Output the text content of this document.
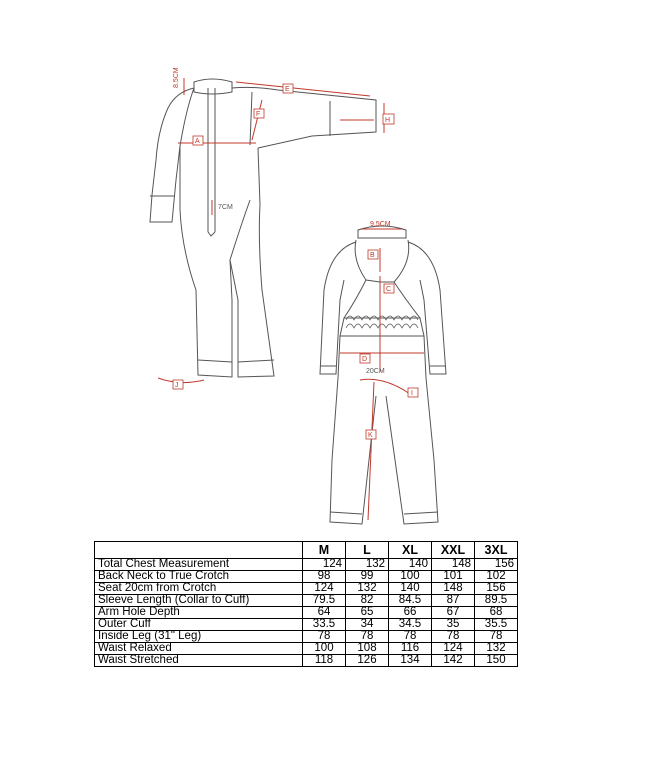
8.5CM
E
F
A
H
7CM
J
9.5CM
B
C
D
20CM
I
K
	M	L	XL	XXL	3XL
Total Chest Measurement	124	132	140	148	156
Back Neck to True Crotch	98	99	100	101	102
Seat 20cm from Crotch	124	132	140	148	156
Sleeve Length (Collar to Cuff)	79.5	82	84.5	87	89.5
Arm Hole Depth	64	65	66	67	68
Outer Cuff	33.5	34	34.5	35	35.5
Inside Leg (31" Leg)	78	78	78	78	78
Waist Relaxed	100	108	116	124	132
Waist Stretched	118	126	134	142	150
